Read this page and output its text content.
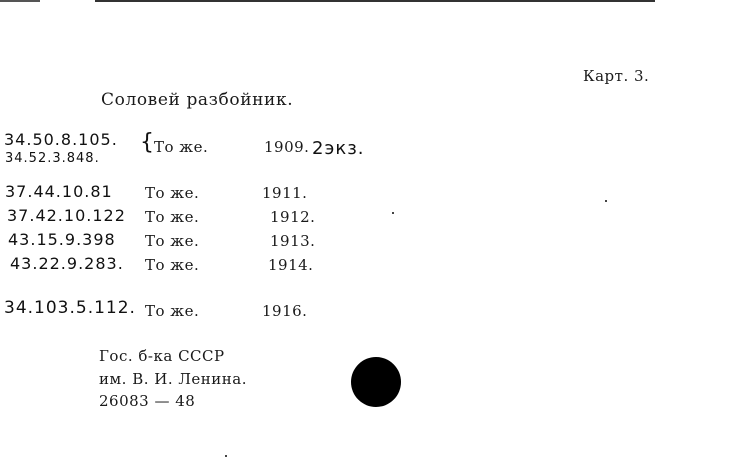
Карт. 3.
Соловей разбойник.
34.50.8.105.
34.52.3.848.
{ То же.	1909. 2экз.
37.44.10.81 То же.	1911.
37.42.10.122 То же.	1912.
43.15.9.398 То же.	1913.
43.22.9.283. То же.	1914.
34.103.5.112. То же.	1916.
Гос. б-ка СССР
им. В. И. Ленина.
26083 — 48
